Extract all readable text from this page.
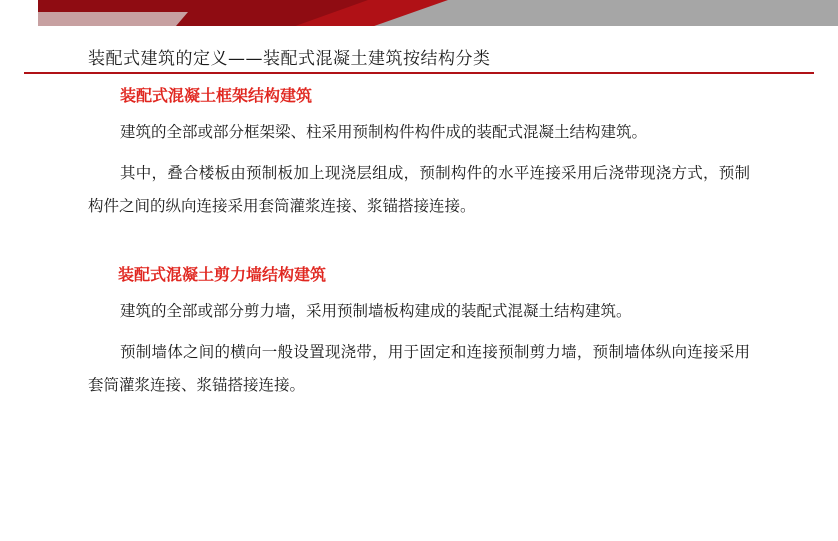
装配式建筑的定义——装配式混凝土建筑按结构分类
装配式混凝土框架结构建筑
建筑的全部或部分框架梁、柱采用预制构件构件成的装配式混凝土结构建筑。
其中，叠合楼板由预制板加上现浇层组成，预制构件的水平连接采用后浇带现浇方式，预制构件之间的纵向连接采用套筒灌浆连接、浆锚搭接连接。
装配式混凝土剪力墙结构建筑
建筑的全部或部分剪力墙，采用预制墙板构建成的装配式混凝土结构建筑。
预制墙体之间的横向一般设置现浇带，用于固定和连接预制剪力墙，预制墙体纵向连接采用套筒灌浆连接、浆锚搭接连接。
